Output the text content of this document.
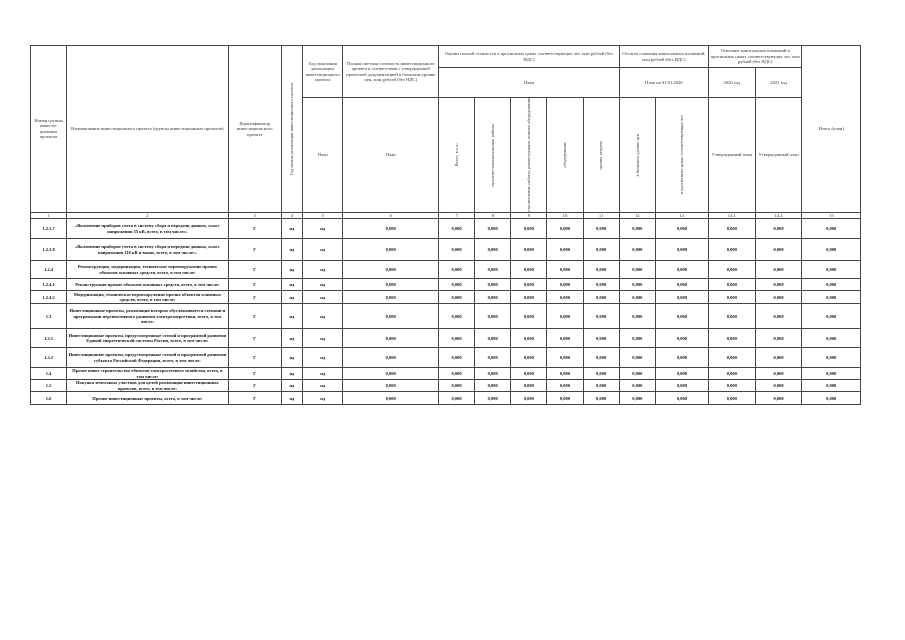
Номер группы инвести-ционных проектов	Наименование инвестиционного проекта (группы инвестиционных проектов)	Идентификатор инвестицион-ного проекта	Год начала реализации инвестиционного проекта	Год окончания реализации инвестиционного проекта	Полная сметная стоимость инвестиционного проекта в соответствии с утвержденной проектной документацией в базисном уровне цен, млн рублей (без НДС)	Оценка полной стоимости в прогнозных ценах соответствующих лет, млн рублей (без НДС)					Остаток освоения капитальных вложений, млн рублей (без НДС)		Освоение капитальных вложений в прогнозных ценах соответствующих лет, млн рублей (без НДС)		Итого (план)
						План					План на 01.01.2020		2020 год	2021 год	
				План	План	Всего, в т.ч.:	проектно-изыскательские работы	строительные работы, реконструкция, монтаж оборудования	оборудование	прочие затраты	в базисном уровне цен	в прогнозных ценах соответствующих лет	Утвержденный план	Утвержденный план	
1	2	3	4	5	6	7	8	9	10	11	12	13	14.1	14.2	15
1.2.3.7	«Включение приборов учета в систему сбора и передачи данных, класс напряжения 35 кВ, всего, в том числе:»	Г	нд	нд	0,000	0,000	0,000	0,000	0,000	0,000	0,000	0,000	0,000	0,000	0,000
1.2.3.8	«Включение приборов учета в систему сбора и передачи данных, класс напряжения 110 кВ и выше, всего, в том числе:»	Г	нд	нд	0,000	0,000	0,000	0,000	0,000	0,000	0,000	0,000	0,000	0,000	0,000
1.2.4	Реконструкция, модернизация, техническое перевооружение прочих объектов основных средств, всего, в том числе:	Г	нд	нд	0,000	0,000	0,000	0,000	0,000	0,000	0,000	0,000	0,000	0,000	0,000
1.2.4.1	Реконструкция прочих объектов основных средств, всего, в том числе:	Г	нд	нд	0,000	0,000	0,000	0,000	0,000	0,000	0,000	0,000	0,000	0,000	0,000
1.2.4.2	Модернизация, техническое перевооружение прочих объектов основных средств, всего, в том числе:	Г	нд	нд	0,000	0,000	0,000	0,000	0,000	0,000	0,000	0,000	0,000	0,000	0,000
1.3	Инвестиционные проекты, реализация которых обуславливается схемами и программами перспективного развития электроэнергетики, всего, в том числе:	Г	нд	нд	0,000	0,000	0,000	0,000	0,000	0,000	0,000	0,000	0,000	0,000	0,000
1.3.1	Инвестиционные проекты, предусмотренные схемой и программой развития Единой энергетической системы России, всего, в том числе:	Г	нд	нд	0,000	0,000	0,000	0,000	0,000	0,000	0,000	0,000	0,000	0,000	0,000
1.3.2	Инвестиционные проекты, предусмотренные схемой и программой развития субъекта Российской Федерации, всего, в том числе:	Г	нд	нд	0,000	0,000	0,000	0,000	0,000	0,000	0,000	0,000	0,000	0,000	0,000
1.4	Прочее новое строительство объектов электросетевого хозяйства, всего, в том числе:	Г	нд	нд	0,000	0,000	0,000	0,000	0,000	0,000	0,000	0,000	0,000	0,000	0,000
1.5	Покупка земельных участков для целей реализации инвестиционных проектов, всего, в том числе:	Г	нд	нд	0,000	0,000	0,000	0,000	0,000	0,000	0,000	0,000	0,000	0,000	0,000
1.6	Прочие инвестиционные проекты, всего, в том числе:	Г	нд	нд	0,000	0,000	0,000	0,000	0,000	0,000	0,000	0,000	0,000	0,000	0,000
